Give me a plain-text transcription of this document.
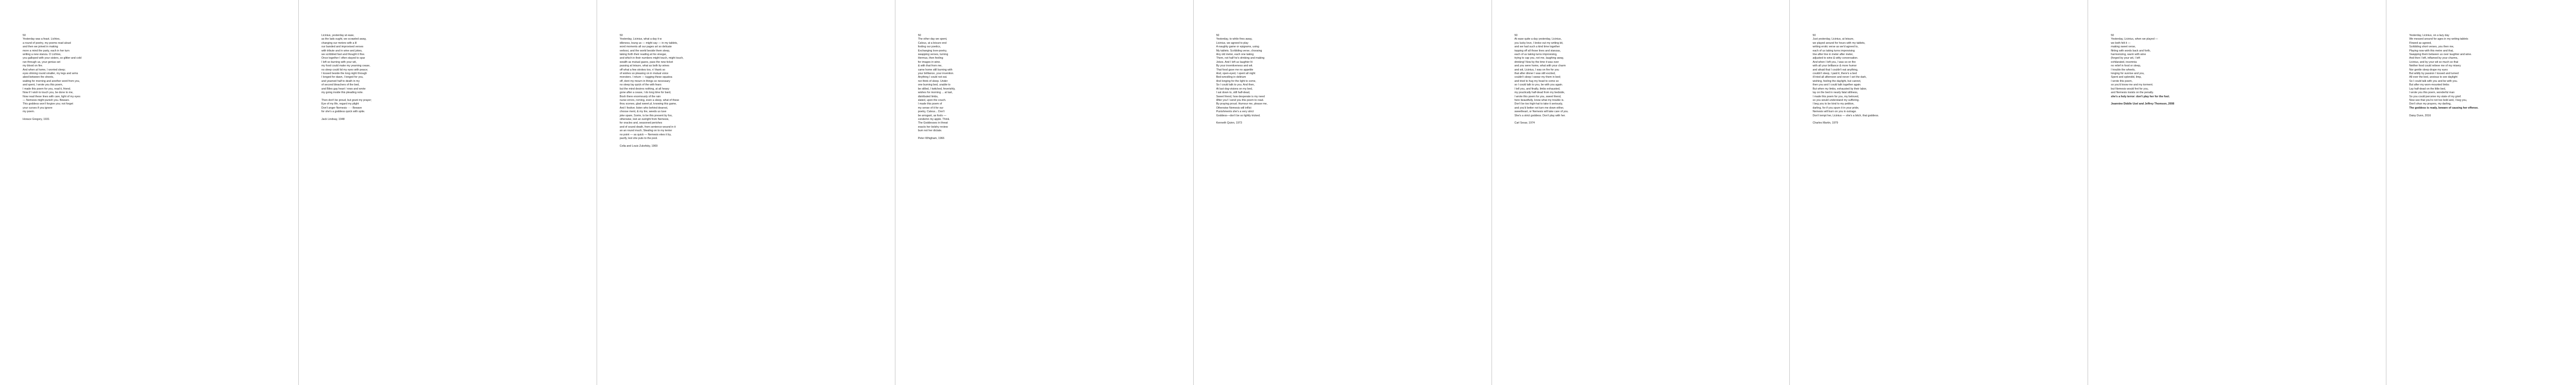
50
Yesterday was a feast. Lichtes,
a round of poetry, my poems read aloud
and then we joined in making
more a mind the party, each in her turn
writing a new stanza. O Lichtes,
you galloped with your sisters, so glitter and cold
ran through us, your genius set
my blood on fire.
And when at home, I worried sleep;
eyes shining round smaller, my legs and arms
abed between the sheets,
waiting for morning and another word from you,
and spent, I wrote you this poem,
I made this poem for you, read it, friend.
Now if I wish to touch you, be done to me,
Now read these lines with care, light of my eyes
— Nemesis might punish you. Beware.
This goddess won't forgive you; not forget
your curses if you ignore
my poem.
Horace Gregory, 1931
Licinius, yesterday at ease,
as the lads ought, we scrawled away,
changing our meters with a lil
our banded and improvised verses
with tribute and in wine and jokes,
we scribbled fast and thought it fine.
Once together I often stayed to spar
I left so burning with your wit,
my food could make my yearning cease,
no sleep could lid my eyes with peace;
I tossed beside the long night through
I longed for dawn, I longed for you,
and yearned half to death in my
of second bleachers of the bed,
and Biles gay heart / rows and wrote
my going inside this pleading note.
Then don't be proud, but grant my prayer;
Eye of my life, regard my plight
Don't anger Nemesis - - - Beware
for she's a goddess quick with spite.
Jack Lindsay, 1948
50
Yesterday, Licinius, what a day it w
idleness, loung us — might say — in my tablets,
word moments all our pages art so delicate
verbosi, and the world beside them sleep,
taking forth their reading at his vinegar,
and which in their numbers might touch, might touch,
wealth as mutual gazes, pass the new ticket
passing at leisure, what as both by wines
off what a few strokes too, n' thank so
of wishes so pleasing on in mutual voice
monsters. I return — tugging these squatoa
off, dont my mourn in things so necessary
no sleep lay quick of the with fears
but the mind desires nothing, at all heavy
gone after a cease, I do long time for bard,
Bosh there enormously of the rain
nurse errors, rorning, even a sleep, what of these
thou scenes, glad sweet pl, knowing this game,
And I festive; listen who behind dearest,
choose ment, & my lire, weeds us tuve
joke spare, Sorrie, to be this present by foo,
otherwise, lest an outright from Nemesis,
for oracles and, seasoned perishes
and of sound death, from sentence wound in it
an an round much; Stealing on to my tenter
no point — as quick — Nemesis ekes it by,
pacify, lest she puts to the pool.
Celia and Louis Zukofsky, 1969
50
The other day we spent,
Calvus, at a leisure end
fooling our poetics,
Exchanging love-poetry,
swapping verses, turning
Hermus, then feeling
for images in wine.
& with that from me,
came home still burning with
your brilliance, your invention.
Anything I could not eat.
nor think of sleep. Under
one burning bed, unable to
be stilled, I twitched, feverishly,
wishes for morning ... at last,
distributed limbs,
slated, upon the couch.
I made this poem of
my sense of it for our
poetry, Calvus... Don't
be arrogant, as fools —
condemn my apple. Think.
The Goddesses in threat
exacts her bolshy review
bum not her dictate.
Peter Whigham, 1966
50
Yesterday, to while fires away,
Licinius, we agreed to play
A naughty game or epigrams, using
My tablets. Scribbling verse, choosing
Any old meter, each one taking
Them, not half he's drinking and making
Jokes. And I left us laughter lit
By your inventiveness and wit.
That food gave me no appetite
And, open-eyed, I spent all night
Bed-wrestling in delirium
And longing for the light to come,
So I could talk to you. And then,
At last dog-visions on my bed,
I sat down to, still half-dead,
Sweet friend, how desperate is my need
After you! I send you this poem to read.
By praying proud. Humour me, please me,
Otherwise Nemesis will inflict
Punishments she's a very strict
Goddess—don't be so lightly tricked.
Kenneth Quinn, 1973
50
At ease quite a day yesterday, Licinius,
you lucky love, I broke out my writing kit,
and we had such a kind time together
topping off all those lines and stanzas,
each of us taking turns improvising,
trying to cap you, not me, laughing away,
drinking! Now by the time it was over
and you were home, what with your charm
and wit, Licinius, I was on fire for you
that after dinner I was still excited,
couldn't sleep I swear my them in bed;
and tried to hug my head to come so
so I could talk to you, be with you again.
I tell you, and finally, limbs exhausted,
my practically half-dead from my bedside,
I wrote this poem for you, sweet friend,
here beautifully, know what my trouble is.
Don't be too high-hat to take it seriously,
and you'd better not turn me down either,
sweetheart, or Nemesis will take care of you.
She's a strict goddess. Don't play with her.
Carl Sesar, 1974
50
Just yesterday, Licinius, at leisure,
we played around for hours with my tablets,
writing erotic verse as we'd agreed to,
each of us taking turns improvising
line after line in meter after meter,
adjusted to wine & witty conversation.
And when I left you, I was so on fire
with all your brilliance & more humor
and afraid that I couldn't eat anything,
couldn't sleep, I paid it, there's a bed
ill tried all afternoon and never I set the dark,
wishing, feeling the daylight, but cannot,
then you and I could talk together again.
But when my limbs, exhausted by their labor,
lay on the bed in nearly fatal stillness,
I made this poem for you, my beloved,
so you would understand my suffering.
I beg you to be kind to my petition,
darling, for if you spurn it in your pride,
Nemesis will burn on you in outrage.
Don't tempt her, Licinius — she's a bitch, that goddess.
Charles Martin, 1979
50
Yesterday, Licinius, when we played —
we both felt it —
making sweet verse,
flirting with words back and forth,
harmonizing, warm with wine
(forged by your wit, I left
exhilarated, insomnia
no relief in food or sleep,
I trouble the wheels,
longing for sunrise and you,
Spent and splendid, limp,
I wrote this poem,
so you'd know me and my torment.
but Nemesis would fret for you,
and Nemesis insists on the penalty.
she's a holy terror: don't play her for the fool.
Jeannine Diddle Uzel and Jeffrey Thomson, 2008
Yesterday, Licinius, on a lazy day
We messed around for ages in my writing tablets
Flowed as agreed,
Scribbling short verses, you then me,
Playing now with this metre and that,
Swapping them between us over laughter and wine.
And then I left, inflamed by your charms,
Licinius, and by your wit so much so that
Neither food could relieve me of my misery
Nor gentle sleep drape my eyes
But wildly by passion I tossed and turned
All over the bed, anxious to see daylight
So I could talk with you and be with you.
But after my worn-mounted limbs
Lay half-dead on the little bed,
I wrote you this poem, wonderful man
So you could perceive my state of my grief.
Now see that you're not too bold and, I beg you,
Don't shun my prayers, my darling,
The goddess is ready, beware of causing her offense.
Daisy Dunn, 2016
